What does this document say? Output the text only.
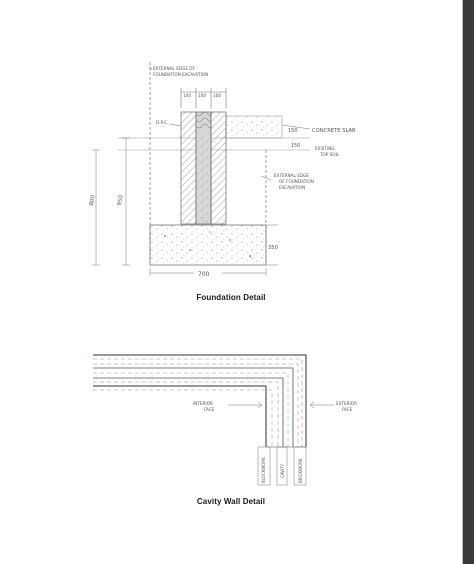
EXTERNAL EDGE OF
FOUNDATION EXCAVATION
100 100 100
D.P.C.
150	CONCRETE SLAB
150	EXISTING
TOP SOIL
EXTERNAL EDGE
OF FOUNDATION
EXCAVATION
800	950
350
700
Foundation Detail
INTERIOR
FACE
EXTERIOR
FACE
BLOCKWORK	CAVITY	BRICKWORK
Cavity Wall Detail
